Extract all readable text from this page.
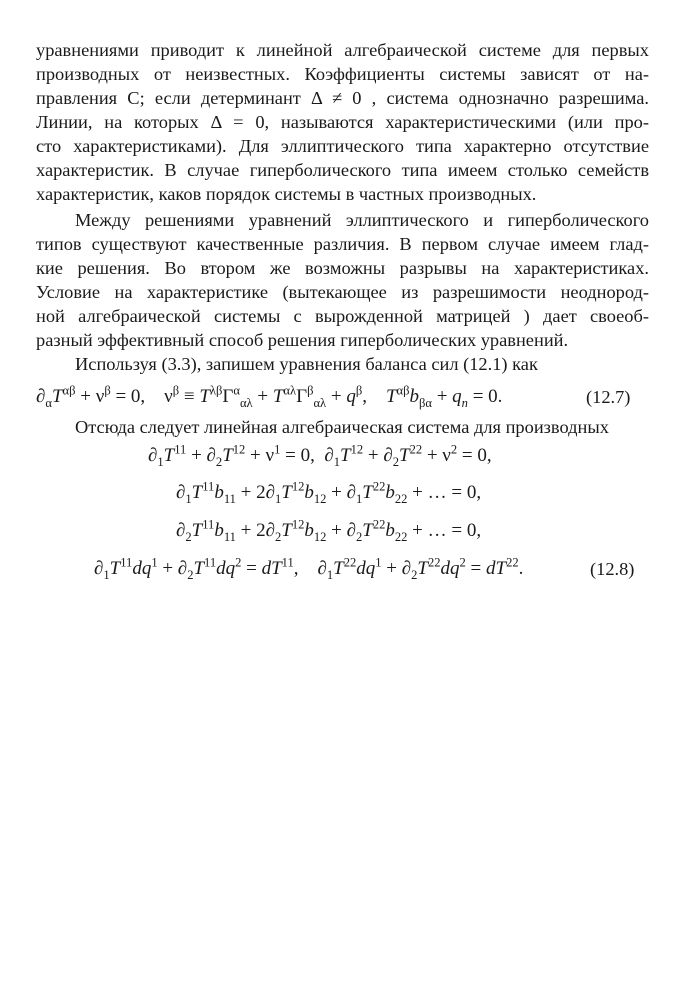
уравнениями приводит к линейной алгебраической системе для первых
производных от неизвестных. Коэффициенты системы зависят от на-
правления C; если детерминант Δ ≠ 0 , система однозначно разрешима.
Линии, на которых Δ = 0, называются характеристическими (или про-
сто характеристиками). Для эллиптического типа характерно отсутствие
характеристик. В случае гиперболического типа имеем столько семейств
характеристик, каков порядок системы в частных производных.
Между решениями уравнений эллиптического и гиперболического
типов существуют качественные различия. В первом случае имеем глад-
кие решения. Во втором же возможны разрывы на характеристиках.
Условие на характеристике (вытекающее из разрешимости неоднород-
ной алгебраической системы с вырожденной матрицей ) дает своеоб-
разный эффективный способ решения гиперболических уравнений.
Используя (3.3), запишем уравнения баланса сил (12.1) как
$\partial_\alpha T^{\alpha\beta} + \nu^\beta = 0$,    $\nu^\beta \equiv T^{\lambda\beta}\Gamma^\alpha_{\alpha\lambda} + T^{\alpha\lambda}\Gamma^\beta_{\alpha\lambda} + q^\beta$,    $T^{\alpha\beta}b_{\beta\alpha} + q_n = 0$.	(12.7)
Отсюда следует линейная алгебраическая система для производных
$\partial_1T^{11} + \partial_2T^{12} + \nu^1 = 0$,  $\partial_1T^{12} + \partial_2T^{22} + \nu^2 = 0$,
$\partial_1T^{11}b_{11} + 2\partial_1T^{12}b_{12} + \partial_1T^{22}b_{22}$ + … = 0,
$\partial_2T^{11}b_{11} + 2\partial_2T^{12}b_{12} + \partial_2T^{22}b_{22}$ + … = 0,
$\partial_1T^{11}dq^1 + \partial_2T^{11}dq^2 = dT^{11}$,    $\partial_1T^{22}dq^1 + \partial_2T^{22}dq^2 = dT^{22}$.	(12.8)
